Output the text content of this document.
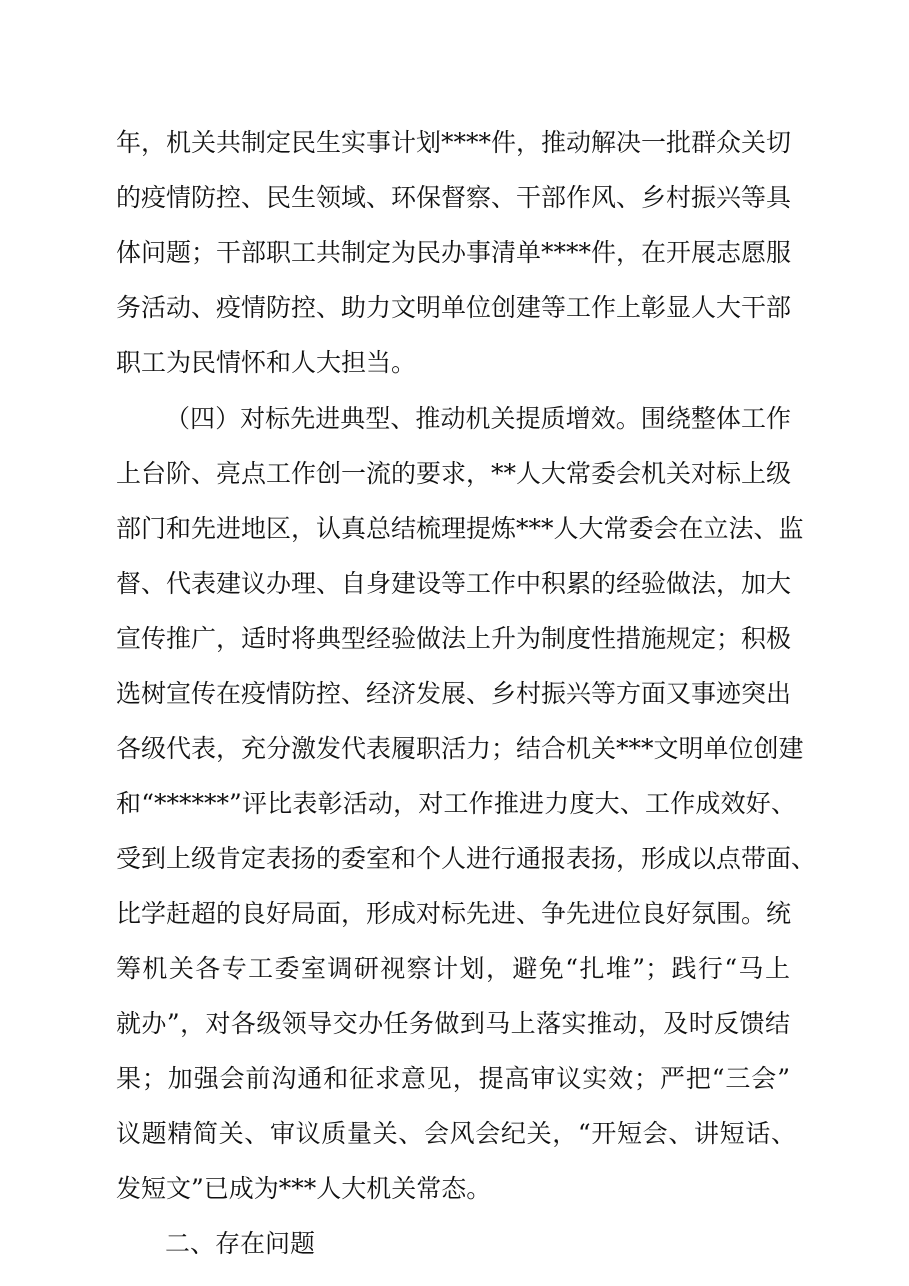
年，机关共制定民生实事计划****件，推动解决一批群众关切
的疫情防控、民生领域、环保督察、干部作风、乡村振兴等具
体问题；干部职工共制定为民办事清单****件，在开展志愿服
务活动、疫情防控、助力文明单位创建等工作上彰显人大干部
职工为民情怀和人大担当。
（四）对标先进典型、推动机关提质增效。围绕整体工作
上台阶、亮点工作创一流的要求，**人大常委会机关对标上级
部门和先进地区，认真总结梳理提炼***人大常委会在立法、监
督、代表建议办理、自身建设等工作中积累的经验做法，加大
宣传推广，适时将典型经验做法上升为制度性措施规定；积极
选树宣传在疫情防控、经济发展、乡村振兴等方面又事迹突出
各级代表，充分激发代表履职活力；结合机关***文明单位创建
和“******”评比表彰活动，对工作推进力度大、工作成效好、
受到上级肯定表扬的委室和个人进行通报表扬，形成以点带面、
比学赶超的良好局面，形成对标先进、争先进位良好氛围。统
筹机关各专工委室调研视察计划，避免“扎堆”；践行“马上
就办”，对各级领导交办任务做到马上落实推动，及时反馈结
果；加强会前沟通和征求意见，提高审议实效；严把“三会”
议题精简关、审议质量关、会风会纪关，“开短会、讲短话、
发短文”已成为***人大机关常态。
二、存在问题
